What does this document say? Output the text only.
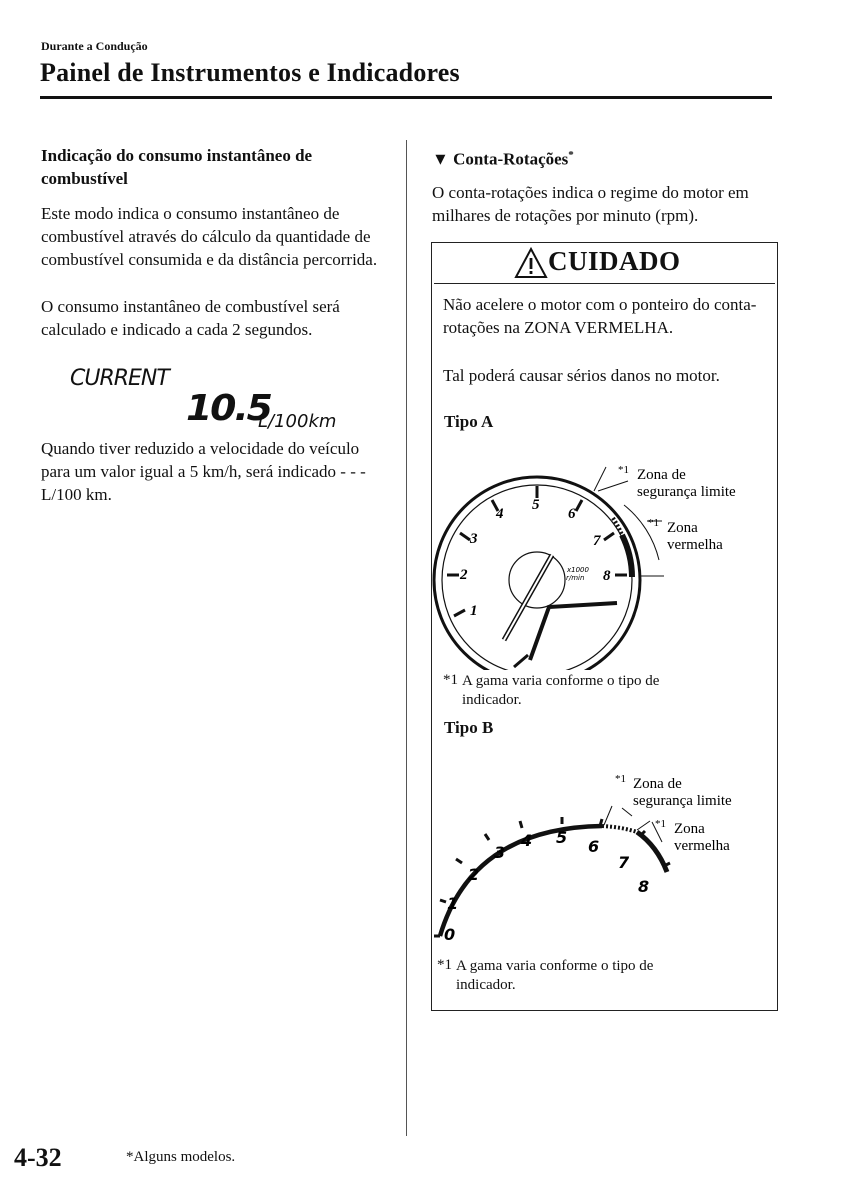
Durante a Condução
Painel de Instrumentos e Indicadores
Indicação do consumo instantâneo de combustível
Este modo indica o consumo instantâneo de combustível através do cálculo da quantidade de combustível consumida e da distância percorrida.
O consumo instantâneo de combustível será calculado e indicado a cada 2 segundos.
CURRENT
10.5
L/100km
Quando tiver reduzido a velocidade do veículo para um valor igual a 5 km/h, será indicado - - - L/100 km.
▼ Conta-Rotações*
O conta-rotações indica o regime do motor em milhares de rotações por minuto (rpm).
CUIDADO
Não acelere o motor com o ponteiro do conta-rotações na ZONA VERMELHA.
Tal poderá causar sérios danos no motor.
Tipo A
1
2
3
4
5
6
7
8
x1000
r/min
*1 Zona de
segurança limite
*1 Zona
vermelha
*1 A gama varia conforme o tipo de
indicador.
Tipo B
0
1
2
3
4 5 6
7
8
*1 Zona de
segurança limite
*1 Zona
vermelha
*1 A gama varia conforme o tipo de
indicador.
4-32	*Alguns modelos.
